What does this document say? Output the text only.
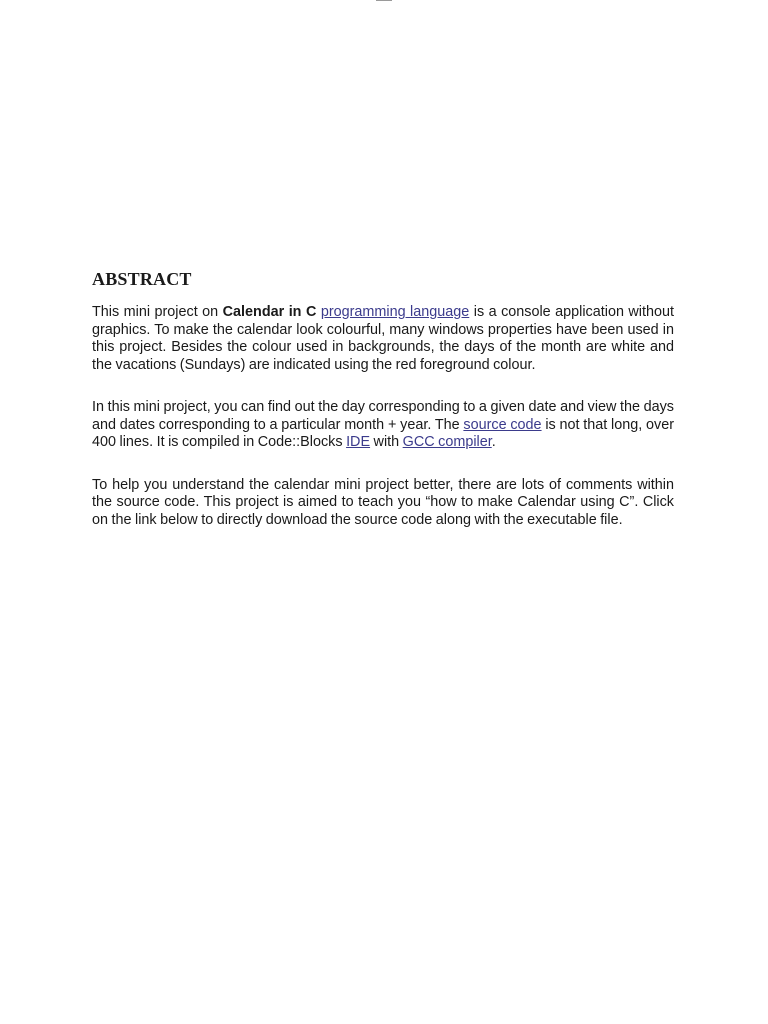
ABSTRACT

This mini project on Calendar in C programming language is a console application without graphics. To make the calendar look colourful, many windows properties have been used in this project. Besides the colour used in backgrounds, the days of the month are white and the vacations (Sundays) are indicated using the red foreground colour.

In this mini project, you can find out the day corresponding to a given date and view the days and dates corresponding to a particular month + year. The source code is not that long, over 400 lines. It is compiled in Code::Blocks IDE with GCC compiler.

To help you understand the calendar mini project better, there are lots of comments within the source code. This project is aimed to teach you “how to make Calendar using C”. Click on the link below to directly download the source code along with the executable file.
